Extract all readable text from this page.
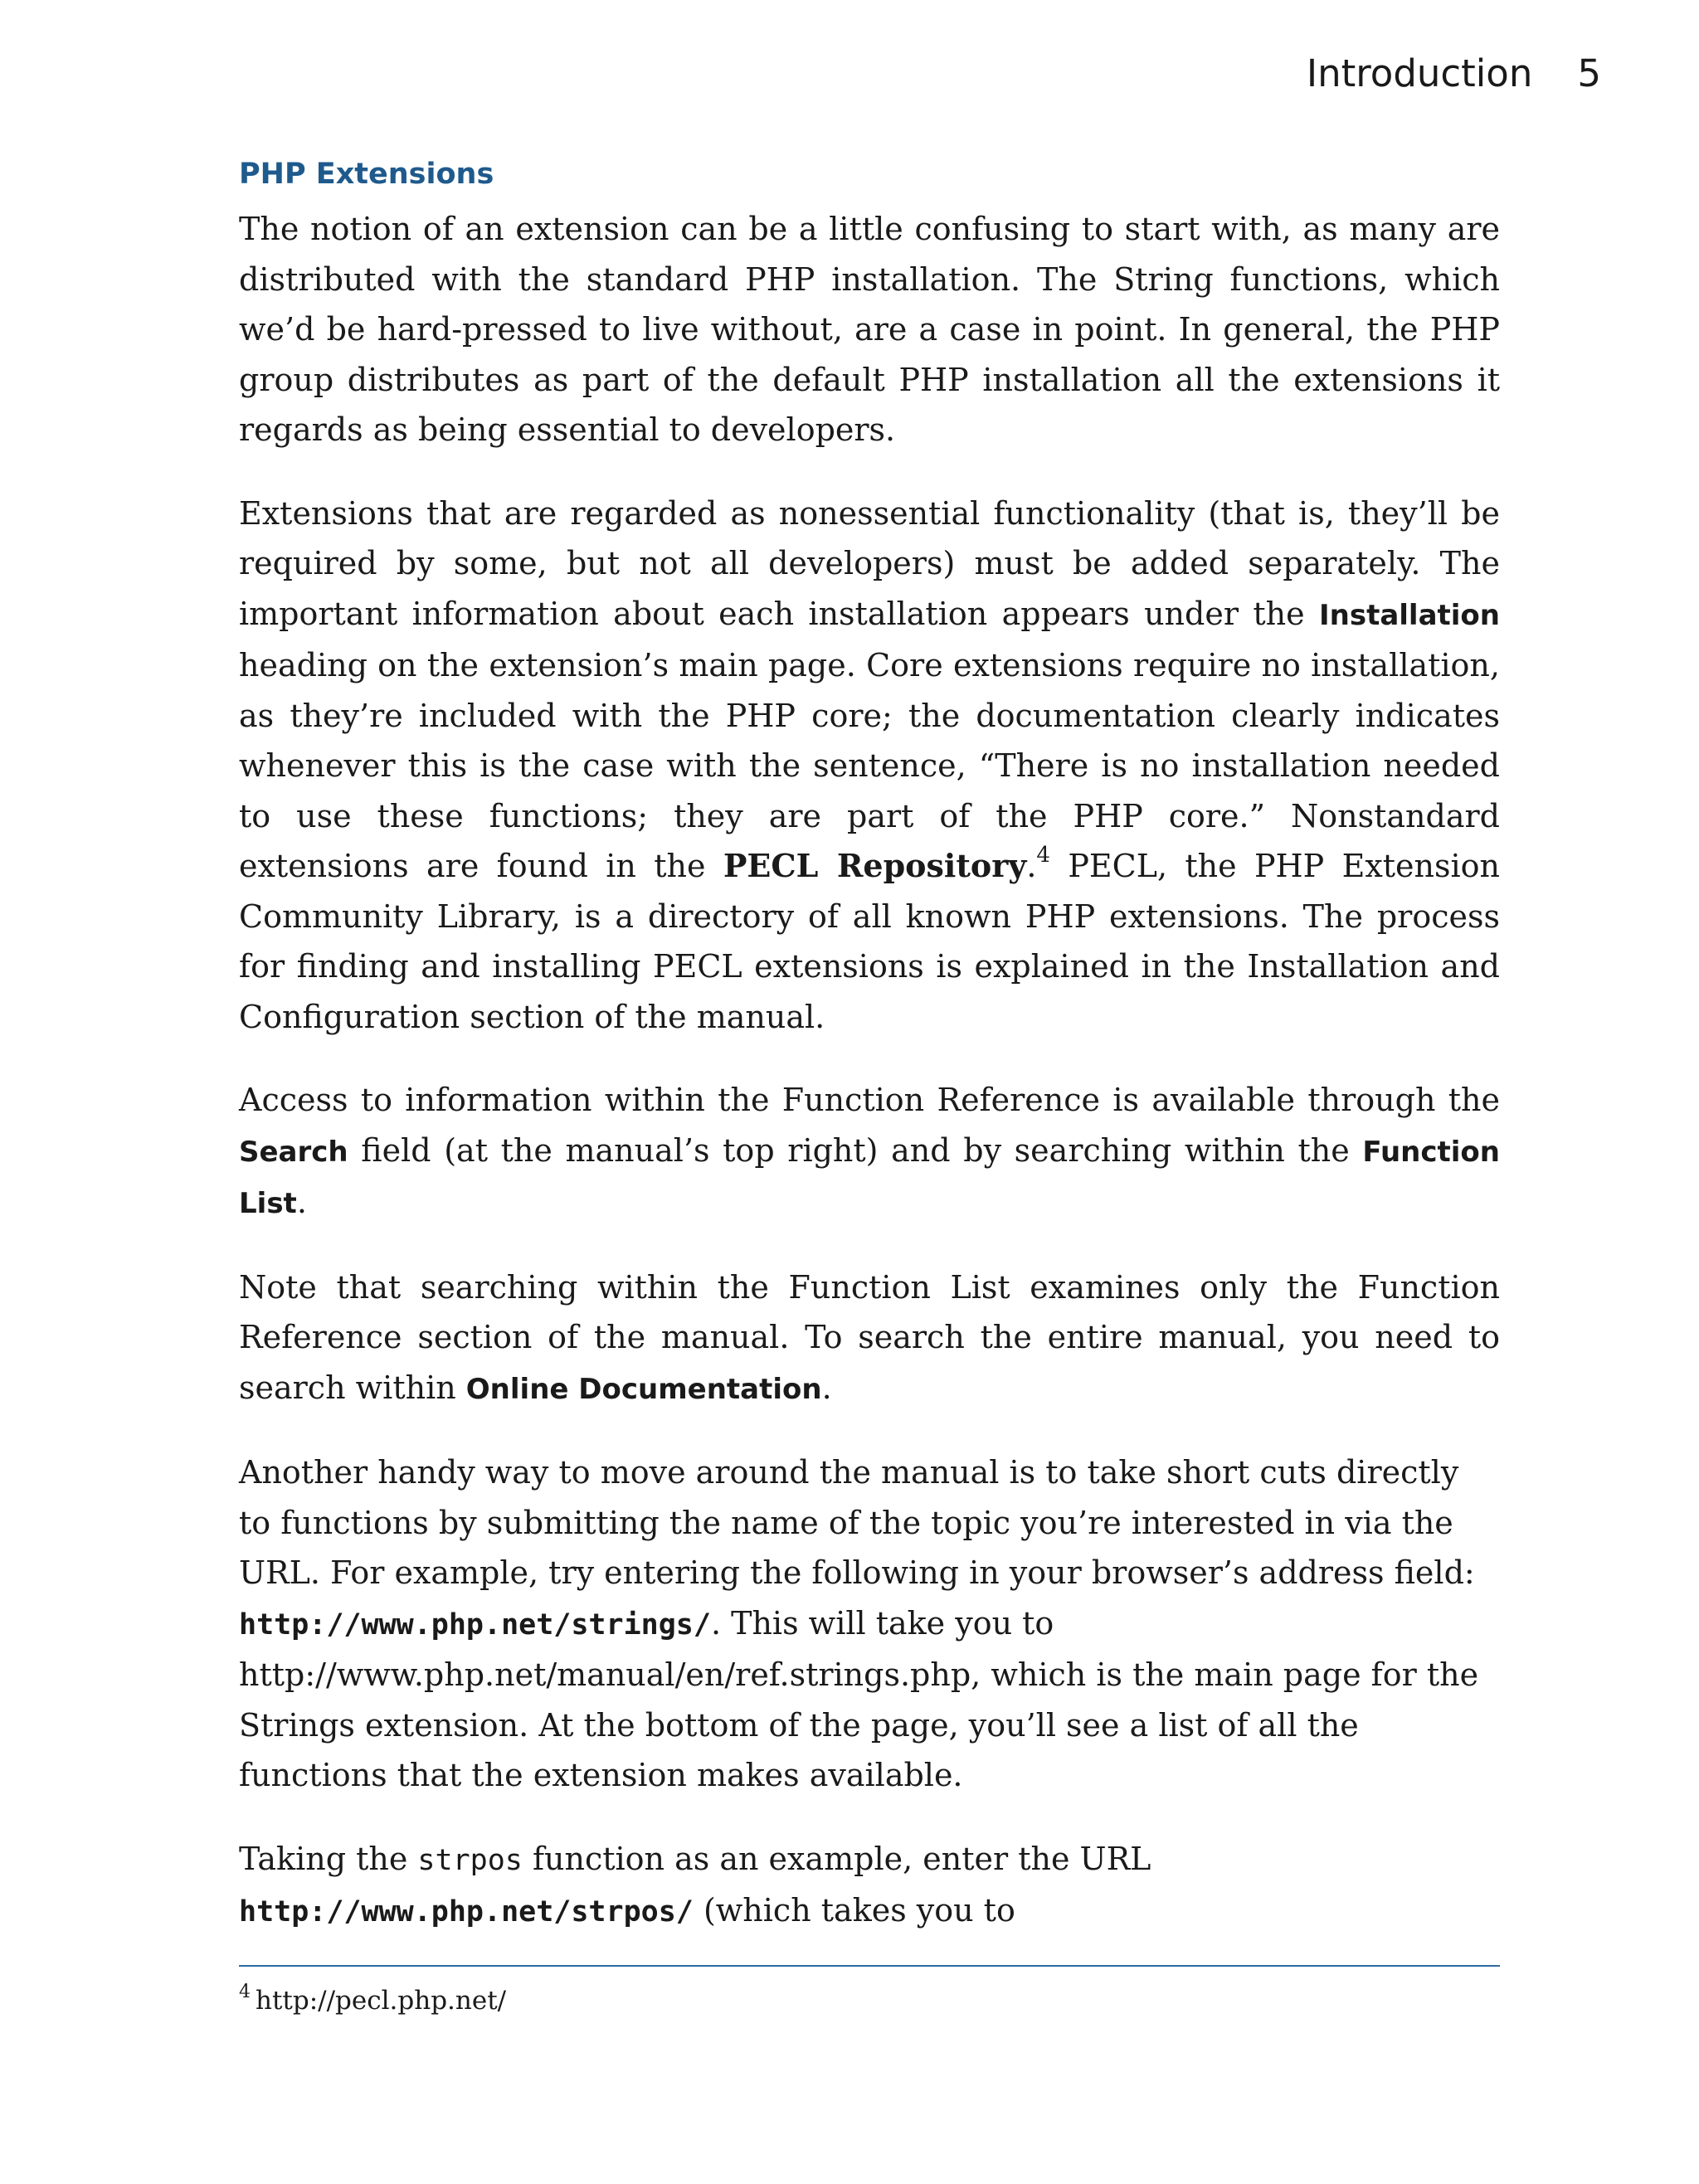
Introduction 5
PHP Extensions

The notion of an extension can be a little confusing to start with, as many are distributed with the standard PHP installation. The String functions, which we’d be hard-pressed to live without, are a case in point. In general, the PHP group distributes as part of the default PHP installation all the extensions it regards as being essential to developers.

Extensions that are regarded as nonessential functionality (that is, they’ll be required by some, but not all developers) must be added separately. The important information about each installation appears under the Installation heading on the extension’s main page. Core extensions require no installation, as they’re included with the PHP core; the documentation clearly indicates whenever this is the case with the sentence, “There is no installation needed to use these functions; they are part of the PHP core.” Nonstandard extensions are found in the PECL Repository.$^4$ PECL, the PHP Extension Community Library, is a directory of all known PHP extensions. The process for finding and installing PECL extensions is explained in the Installation and Configuration section of the manual.

Access to information within the Function Reference is available through the Search field (at the manual’s top right) and by searching within the Function List.

Note that searching within the Function List examines only the Function Reference section of the manual. To search the entire manual, you need to search within Online Documentation.

Another handy way to move around the manual is to take short cuts directly to functions by submitting the name of the topic you’re interested in via the URL. For example, try entering the following in your browser’s address field: http://www.php.net/strings/. This will take you to http://www.php.net/manual/en/ref.strings.php, which is the main page for the Strings extension. At the bottom of the page, you’ll see a list of all the functions that the extension makes available.

Taking the strpos function as an example, enter the URL http://www.php.net/strpos/ (which takes you to

$^4$ http://pecl.php.net/
